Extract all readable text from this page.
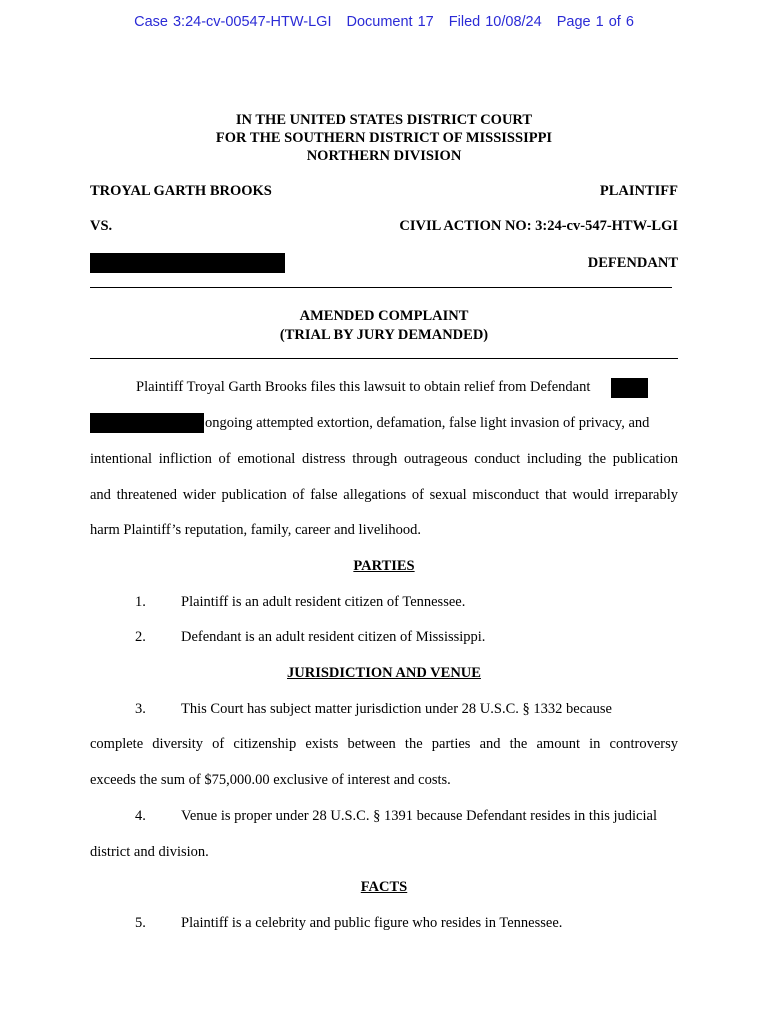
Case 3:24-cv-00547-HTW-LGI Document 17 Filed 10/08/24 Page 1 of 6
IN THE UNITED STATES DISTRICT COURT
FOR THE SOUTHERN DISTRICT OF MISSISSIPPI
NORTHERN DIVISION
TROYAL GARTH BROOKS	PLAINTIFF
VS.	CIVIL ACTION NO: 3:24-cv-547-HTW-LGI
DEFENDANT
AMENDED COMPLAINT
(TRIAL BY JURY DEMANDED)
Plaintiff Troyal Garth Brooks files this lawsuit to obtain relief from Defendant
ongoing attempted extortion, defamation, false light invasion of privacy, and
intentional infliction of emotional distress through outrageous conduct including the publication
and threatened wider publication of false allegations of sexual misconduct that would irreparably
harm Plaintiff’s reputation, family, career and livelihood.
PARTIES
1. Plaintiff is an adult resident citizen of Tennessee.
2. Defendant is an adult resident citizen of Mississippi.
JURISDICTION AND VENUE
3. This Court has subject matter jurisdiction under 28 U.S.C. § 1332 because
complete diversity of citizenship exists between the parties and the amount in controversy
exceeds the sum of $75,000.00 exclusive of interest and costs.
4. Venue is proper under 28 U.S.C. § 1391 because Defendant resides in this judicial
district and division.
FACTS
5. Plaintiff is a celebrity and public figure who resides in Tennessee.
